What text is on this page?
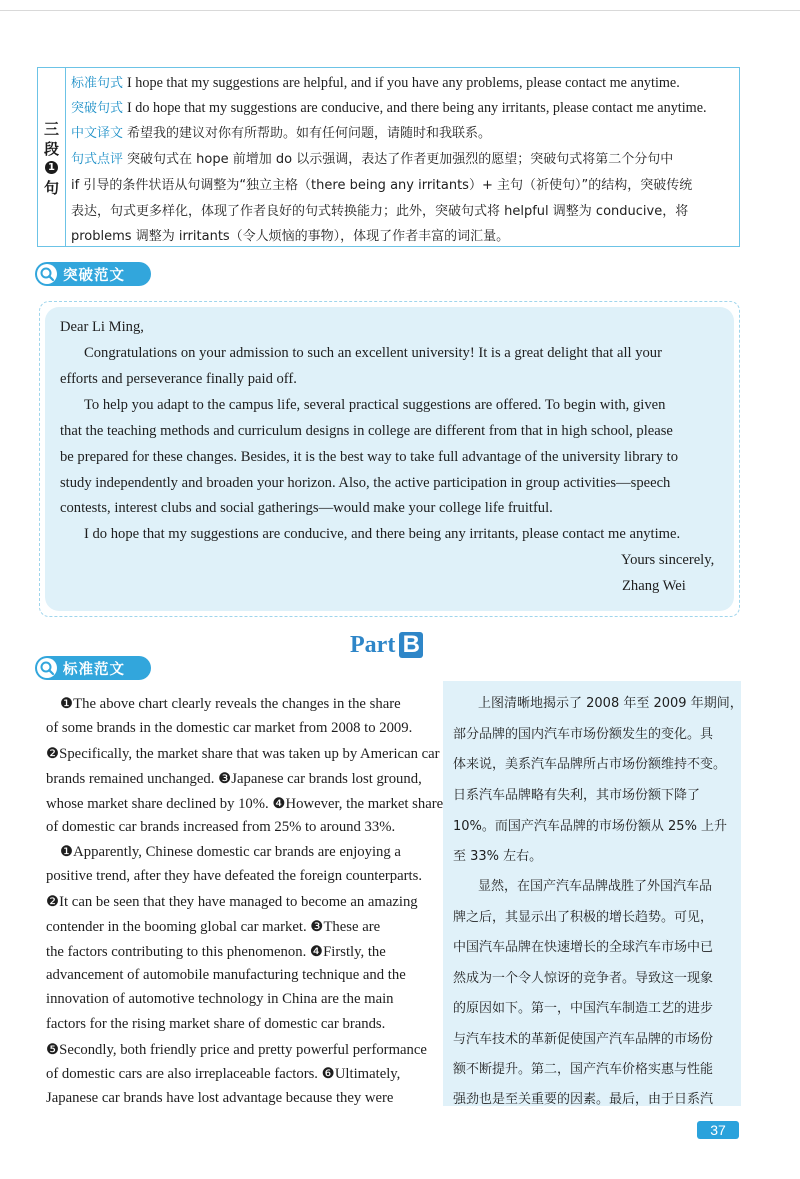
三
段
1
句
标准句式 I hope that my suggestions are helpful, and if you have any problems, please contact me anytime.
突破句式 I do hope that my suggestions are conducive, and there being any irritants, please contact me anytime.
中文译文 希望我的建议对你有所帮助。如有任何问题，请随时和我联系。
句式点评 突破句式在 hope 前增加 do 以示强调，表达了作者更加强烈的愿望；突破句式将第二个分句中
if 引导的条件状语从句调整为“独立主格（there being any irritants）+ 主句（祈使句）”的结构，突破传统
表达，句式更多样化，体现了作者良好的句式转换能力；此外，突破句式将 helpful 调整为 conducive，将
problems 调整为 irritants（令人烦恼的事物），体现了作者丰富的词汇量。
突破范文
Dear Li Ming,
Congratulations on your admission to such an excellent university! It is a great delight that all your
efforts and perseverance finally paid off.
To help you adapt to the campus life, several practical suggestions are offered. To begin with, given
that the teaching methods and curriculum designs in college are different from that in high school, please
be prepared for these changes. Besides, it is the best way to take full advantage of the university library to
study independently and broaden your horizon. Also, the active participation in group activities—speech
contests, interest clubs and social gatherings—would make your college life fruitful.
I do hope that my suggestions are conducive, and there being any irritants, please contact me anytime.
Yours sincerely,
Zhang Wei
Part B
标准范文
❶The above chart clearly reveals the changes in the share
of some brands in the domestic car market from 2008 to 2009.
❷Specifically, the market share that was taken up by American car
brands remained unchanged. ❸Japanese car brands lost ground,
whose market share declined by 10%. ❹However, the market share
of domestic car brands increased from 25% to around 33%.
❶Apparently, Chinese domestic car brands are enjoying a
positive trend, after they have defeated the foreign counterparts.
❷It can be seen that they have managed to become an amazing
contender in the booming global car market. ❸These are
the factors contributing to this phenomenon. ❹Firstly, the
advancement of automobile manufacturing technique and the
innovation of automotive technology in China are the main
factors for the rising market share of domestic car brands.
❺Secondly, both friendly price and pretty powerful performance
of domestic cars are also irreplaceable factors. ❻Ultimately,
Japanese car brands have lost advantage because they were
上图清晰地揭示了 2008 年至 2009 年期间，
部分品牌的国内汽车市场份额发生的变化。具
体来说，美系汽车品牌所占市场份额维持不变。
日系汽车品牌略有失利，其市场份额下降了
10%。而国产汽车品牌的市场份额从 25% 上升
至 33% 左右。
显然，在国产汽车品牌战胜了外国汽车品
牌之后，其显示出了积极的增长趋势。可见，
中国汽车品牌在快速增长的全球汽车市场中已
然成为一个令人惊讶的竞争者。导致这一现象
的原因如下。第一，中国汽车制造工艺的进步
与汽车技术的革新促使国产汽车品牌的市场份
额不断提升。第二，国产汽车价格实惠与性能
强劲也是至关重要的因素。最后，由于日系汽
37
